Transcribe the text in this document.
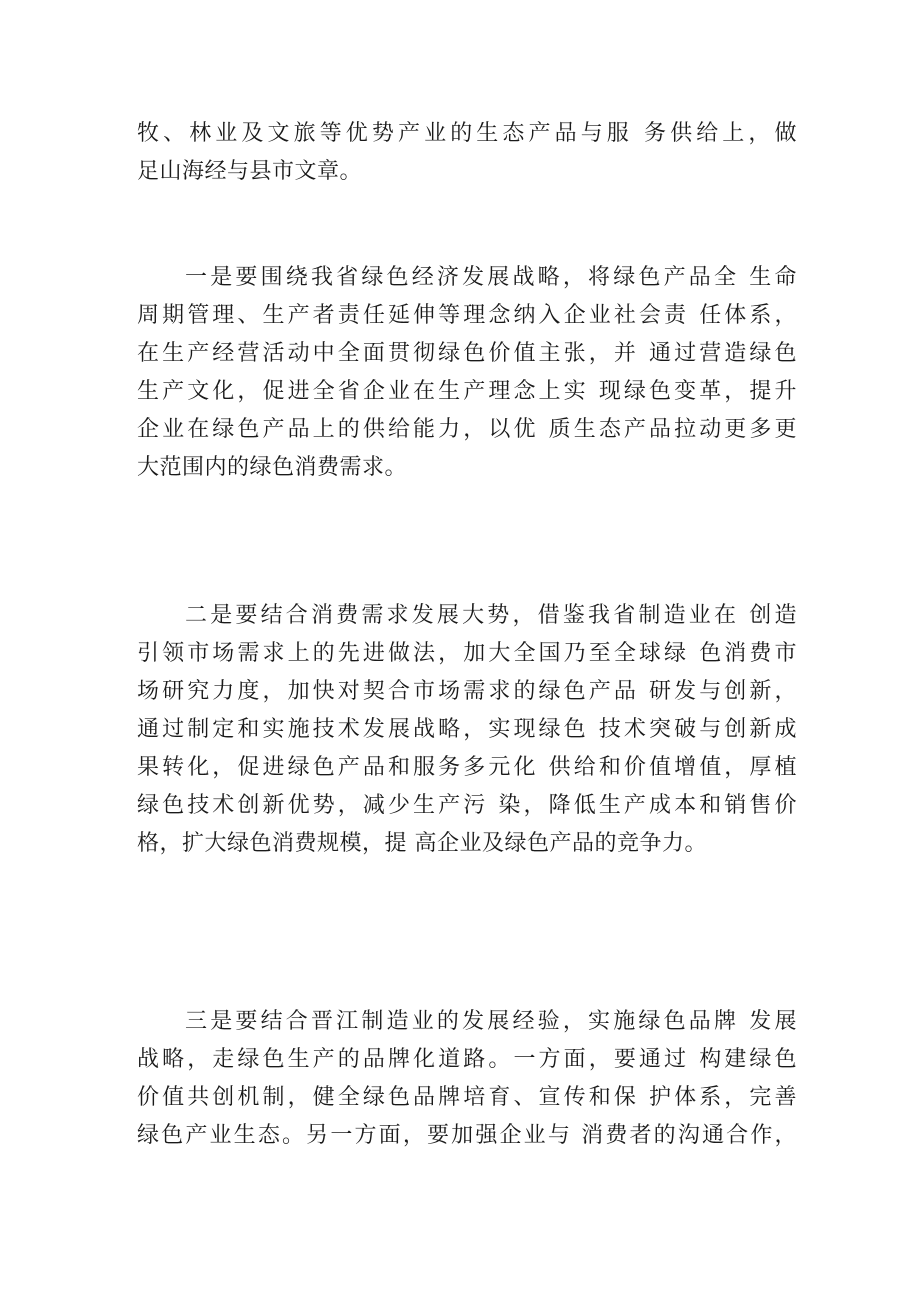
牧、林业及文旅等优势产业的生态产品与服 务供给上，做
足山海经与县市文章。
一是要围绕我省绿色经济发展战略，将绿色产品全 生命
周期管理、生产者责任延伸等理念纳入企业社会责 任体系，
在生产经营活动中全面贯彻绿色价值主张，并 通过营造绿色
生产文化，促进全省企业在生产理念上实 现绿色变革，提升
企业在绿色产品上的供给能力，以优 质生态产品拉动更多更
大范围内的绿色消费需求。
二是要结合消费需求发展大势，借鉴我省制造业在 创造
引领市场需求上的先进做法，加大全国乃至全球绿 色消费市
场研究力度，加快对契合市场需求的绿色产品 研发与创新，
通过制定和实施技术发展战略，实现绿色 技术突破与创新成
果转化，促进绿色产品和服务多元化 供给和价值增值，厚植
绿色技术创新优势，减少生产污 染，降低生产成本和销售价
格，扩大绿色消费规模，提 高企业及绿色产品的竞争力。
三是要结合晋江制造业的发展经验，实施绿色品牌 发展
战略，走绿色生产的品牌化道路。一方面，要通过 构建绿色
价值共创机制，健全绿色品牌培育、宣传和保 护体系，完善
绿色产业生态。另一方面，要加强企业与 消费者的沟通合作，
